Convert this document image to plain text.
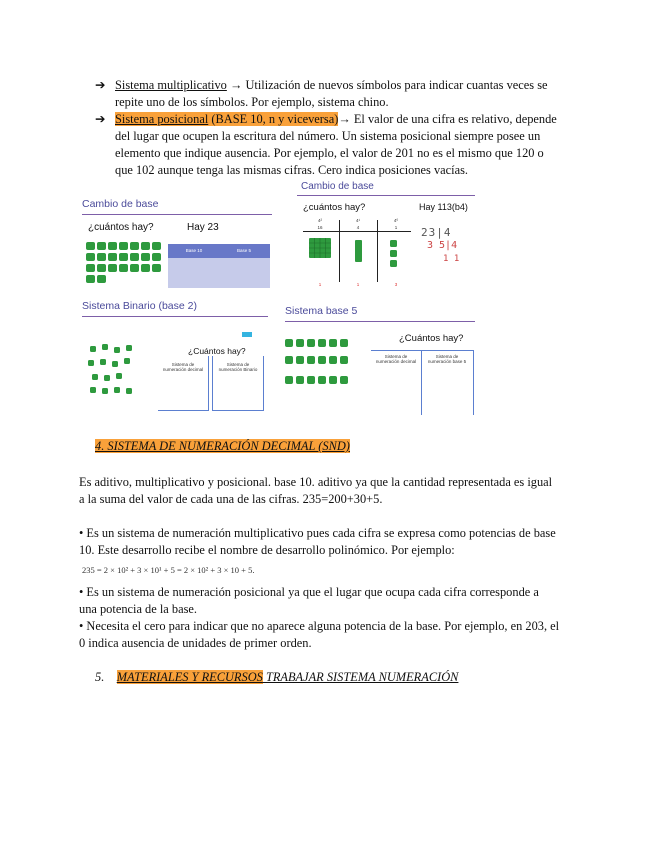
➔ Sistema multiplicativo → Utilización de nuevos símbolos para indicar cuantas veces se
repite uno de los símbolos. Por ejemplo, sistema chino.
➔ Sistema posicional (BASE 10, n y viceversa)→ El valor de una cifra es relativo, depende
del lugar que ocupen la escritura del número. Un sistema posicional siempre posee un
elemento que indique ausencia. Por ejemplo, el valor de 201 no es el mismo que 120 o
que 102 aunque tenga las mismas cifras. Cero indica posiciones vacías.
Cambio de base
¿cuántos hay?	Hay 23
Base 10	Base 5
Cambio de base
¿cuántos hay?	Hay 113(b4)
4²	4¹	4⁰
16	4	1
1	1	3
23|4
3 5|4
1 1
Sistema Binario (base 2)
¿Cuántos hay?
Sistema de numeración decimal
Sistema de numeración Binario
Sistema base 5
¿Cuántos hay?
Sistema de numeración decimal
Sistema de numeración base 5
4. SISTEMA DE NUMERACIÓN DECIMAL (SND)
Es aditivo, multiplicativo y posicional. base 10. aditivo ya que la cantidad representada es igual
a la suma del valor de cada una de las cifras. 235=200+30+5.
• Es un sistema de numeración multiplicativo pues cada cifra se expresa como potencias de base
10. Este desarrollo recibe el nombre de desarrollo polinómico. Por ejemplo:
235 = 2 × 10² + 3 × 10¹ + 5 = 2 × 10² + 3 × 10 + 5.
• Es un sistema de numeración posicional ya que el lugar que ocupa cada cifra corresponde a
una potencia de la base.
• Necesita el cero para indicar que no aparece alguna potencia de la base. Por ejemplo, en 203, el
0 indica ausencia de unidades de primer orden.
5. MATERIALES Y RECURSOS TRABAJAR SISTEMA NUMERACIÓN
